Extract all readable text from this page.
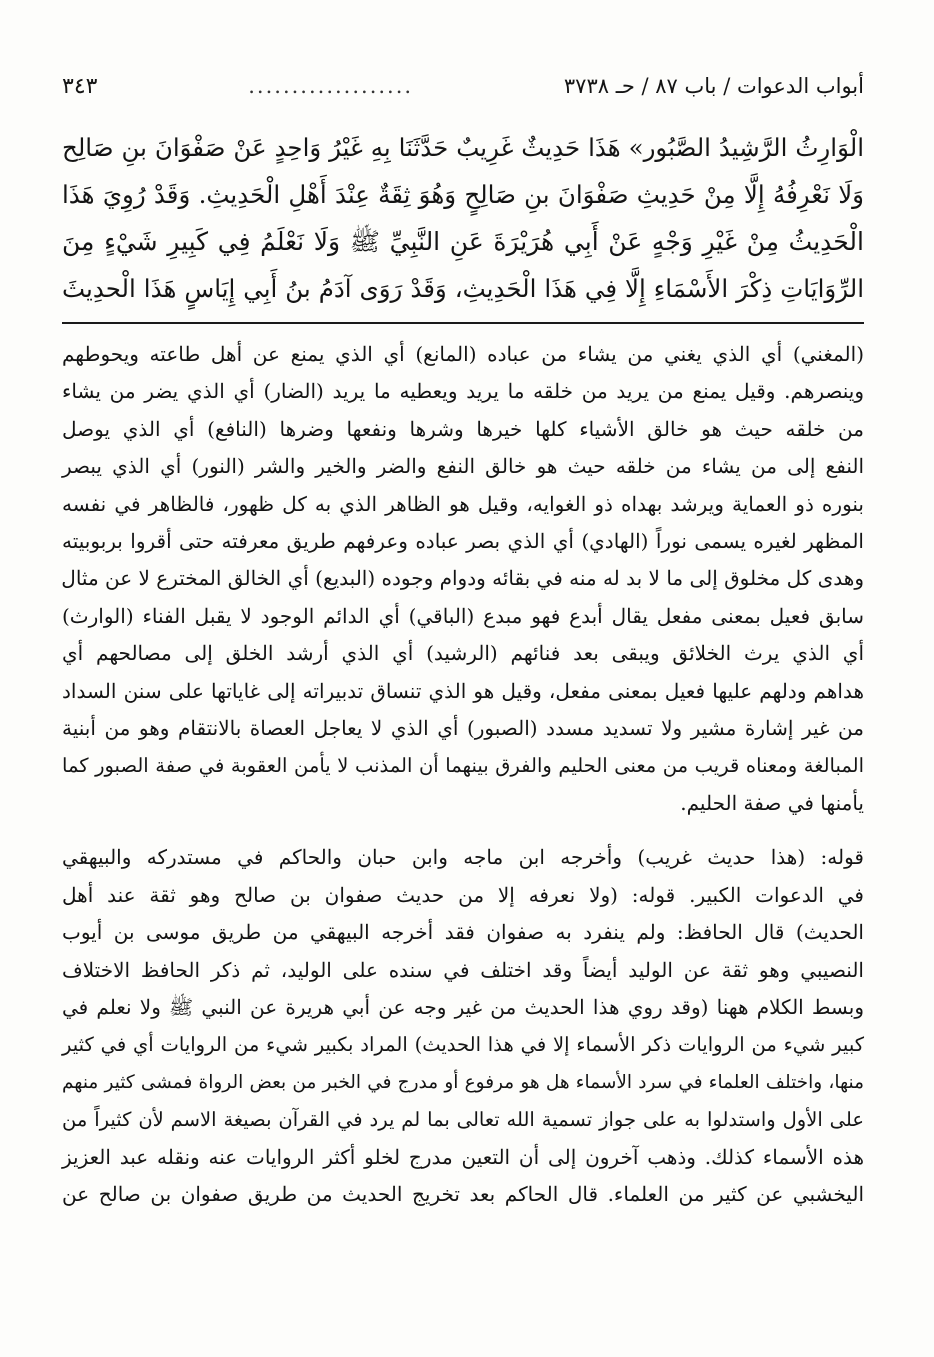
أبواب الدعوات / باب ٨٧ / حـ ٣٧٣٨
...................
٣٤٣

الْوَارِثُ الرَّشِيدُ الصَّبُور» هَذَا حَدِيثٌ غَرِيبٌ حَدَّثَنَا بِهِ غَيْرُ وَاحِدٍ عَنْ صَفْوَانَ بنِ صَالِح

وَلَا نَعْرِفُهُ إِلَّا مِنْ حَدِيثِ صَفْوَانَ بنِ صَالِحٍ وَهُوَ ثِقَةٌ عِنْدَ أَهْلِ الْحَدِيثِ. وَقَدْ رُوِيَ هَذَا

الْحَدِيثُ مِنْ غَيْرِ وَجْهٍ عَنْ أَبِي هُرَيْرَةَ عَنِ النَّبِيِّ ﷺ وَلَا نَعْلَمُ فِي كَبِيرِ شَيْءٍ مِنَ

الرِّوَايَاتِ ذِكْرَ الأَسْمَاءِ إِلَّا فِي هَذَا الْحَدِيثِ، وَقَدْ رَوَى آدَمُ بنُ أَبِي إِيَاسٍ هَذَا الْحدِيثَ

(المغني) أي الذي يغني من يشاء من عباده (المانع) أي الذي يمنع عن أهل طاعته ويحوطهم

وينصرهم. وقيل يمنع من يريد من خلقه ما يريد ويعطيه ما يريد (الضار) أي الذي يضر من يشاء

من خلقه حيث هو خالق الأشياء كلها خيرها وشرها ونفعها وضرها (النافع) أي الذي يوصل

النفع إلى من يشاء من خلقه حيث هو خالق النفع والضر والخير والشر (النور) أي الذي يبصر

بنوره ذو العماية ويرشد بهداه ذو الغوايه، وقيل هو الظاهر الذي به كل ظهور، فالظاهر في نفسه

المظهر لغيره يسمى نوراً (الهادي) أي الذي بصر عباده وعرفهم طريق معرفته حتى أقروا بربوبيته

وهدى كل مخلوق إلى ما لا بد له منه في بقائه ودوام وجوده (البديع) أي الخالق المخترع لا عن مثال

سابق فعيل بمعنى مفعل يقال أبدع فهو مبدع (الباقي) أي الدائم الوجود لا يقبل الفناء (الوارث)

أي الذي يرث الخلائق ويبقى بعد فنائهم (الرشيد) أي الذي أرشد الخلق إلى مصالحهم أي

هداهم ودلهم عليها فعيل بمعنى مفعل، وقيل هو الذي تنساق تدبيراته إلى غاياتها على سنن السداد

من غير إشارة مشير ولا تسديد مسدد (الصبور) أي الذي لا يعاجل العصاة بالانتقام وهو من أبنية

المبالغة ومعناه قريب من معنى الحليم والفرق بينهما أن المذنب لا يأمن العقوبة في صفة الصبور كما

يأمنها في صفة الحليم.

قوله: (هذا حديث غريب) وأخرجه ابن ماجه وابن حبان والحاكم في مستدركه والبيهقي

في الدعوات الكبير. قوله: (ولا نعرفه إلا من حديث صفوان بن صالح وهو ثقة عند أهل

الحديث) قال الحافظ: ولم ينفرد به صفوان فقد أخرجه البيهقي من طريق موسى بن أيوب

النصيبي وهو ثقة عن الوليد أيضاً وقد اختلف في سنده على الوليد، ثم ذكر الحافظ الاختلاف

وبسط الكلام ههنا (وقد روي هذا الحديث من غير وجه عن أبي هريرة عن النبي ﷺ ولا نعلم في

كبير شيء من الروايات ذكر الأسماء إلا في هذا الحديث) المراد بكبير شيء من الروايات أي في كثير

منها، واختلف العلماء في سرد الأسماء هل هو مرفوع أو مدرج في الخبر من بعض الرواة فمشى كثير منهم

على الأول واستدلوا به على جواز تسمية الله تعالى بما لم يرد في القرآن بصيغة الاسم لأن كثيراً من

هذه الأسماء كذلك. وذهب آخرون إلى أن التعين مدرج لخلو أكثر الروايات عنه ونقله عبد العزيز

اليخشبي عن كثير من العلماء. قال الحاكم بعد تخريج الحديث من طريق صفوان بن صالح عن
